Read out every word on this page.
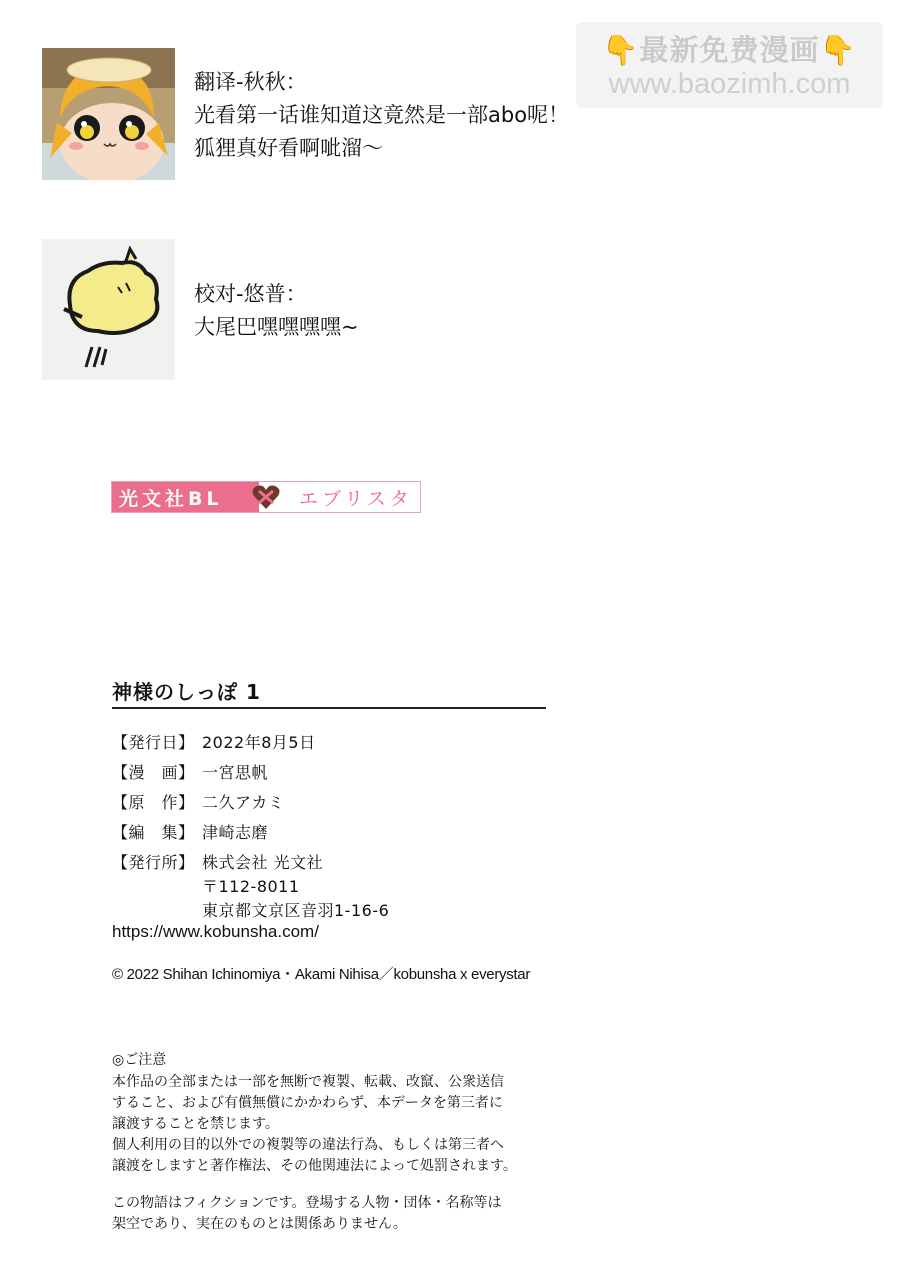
👇最新免费漫画👇
www.baozimh.com
翻译-秋秋：
光看第一话谁知道这竟然是一部abo呢！
狐狸真好看啊呲溜～
校对-悠普：
大尾巴嘿嘿嘿嘿~
光文社BL	エブリスタ
神様のしっぽ 1
【発行日】 2022年8月5日
【漫　画】 一宮思帆
【原　作】 二久アカミ
【編　集】 津崎志磨
【発行所】 株式会社 光文社
〒112-8011
東京都文京区音羽1-16-6
https://www.kobunsha.com/
© 2022 Shihan Ichinomiya・Akami Nihisa／kobunsha x everystar
◎ご注意
本作品の全部または一部を無断で複製、転載、改竄、公衆送信
すること、および有償無償にかかわらず、本データを第三者に
譲渡することを禁じます。
個人利用の目的以外での複製等の違法行為、もしくは第三者へ
譲渡をしますと著作権法、その他関連法によって処罰されます。
この物語はフィクションです。登場する人物・団体・名称等は
架空であり、実在のものとは関係ありません。
